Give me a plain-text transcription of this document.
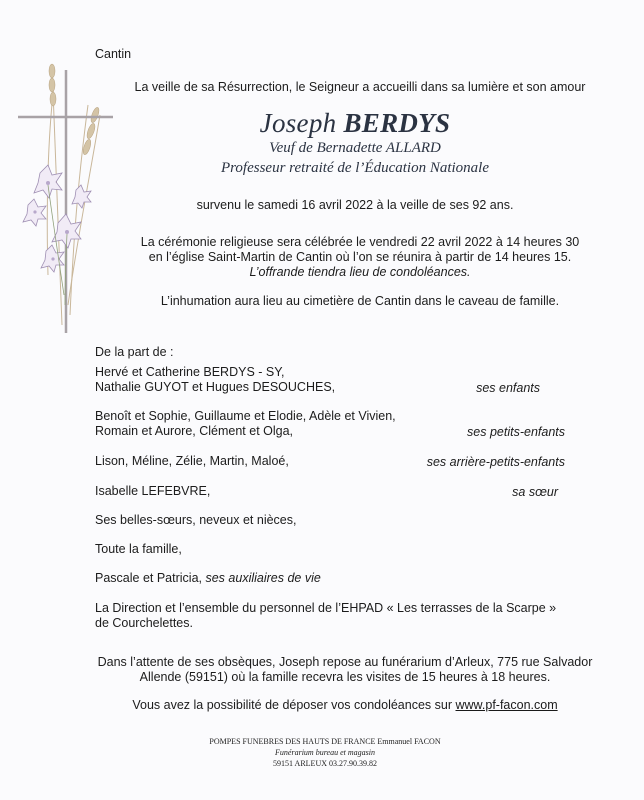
Cantin
La veille de sa Résurrection, le Seigneur a accueilli dans sa lumière et son amour
Joseph BERDYS
Veuf de Bernadette ALLARD
Professeur retraité de l’Éducation Nationale
survenu le samedi 16 avril 2022 à la veille de ses 92 ans.
La cérémonie religieuse sera célébrée le vendredi 22 avril 2022 à 14 heures 30
en l’église Saint-Martin de Cantin où l’on se réunira à partir de 14 heures 15.
L’offrande tiendra lieu de condoléances.
L’inhumation aura lieu au cimetière de Cantin dans le caveau de famille.
De la part de :
Hervé et Catherine BERDYS - SY,
Nathalie GUYOT et Hugues DESOUCHES,	ses enfants
Benoît et Sophie, Guillaume et Elodie, Adèle et Vivien,
Romain et Aurore, Clément et Olga,	ses petits-enfants
Lison, Méline, Zélie, Martin, Maloé,	ses arrière-petits-enfants
Isabelle LEFEBVRE,	sa sœur
Ses belles-sœurs, neveux et nièces,
Toute la famille,
Pascale et Patricia, ses auxiliaires de vie
La Direction et l’ensemble du personnel de l’EHPAD « Les terrasses de la Scarpe »
de Courchelettes.
Dans l’attente de ses obsèques, Joseph repose au funérarium d’Arleux, 775 rue Salvador
Allende (59151) où la famille recevra les visites de 15 heures à 18 heures.
Vous avez la possibilité de déposer vos condoléances sur www.pf-facon.com
POMPES FUNEBRES DES HAUTS DE FRANCE Emmanuel FACON
Funérarium bureau et magasin
59151 ARLEUX 03.27.90.39.82
